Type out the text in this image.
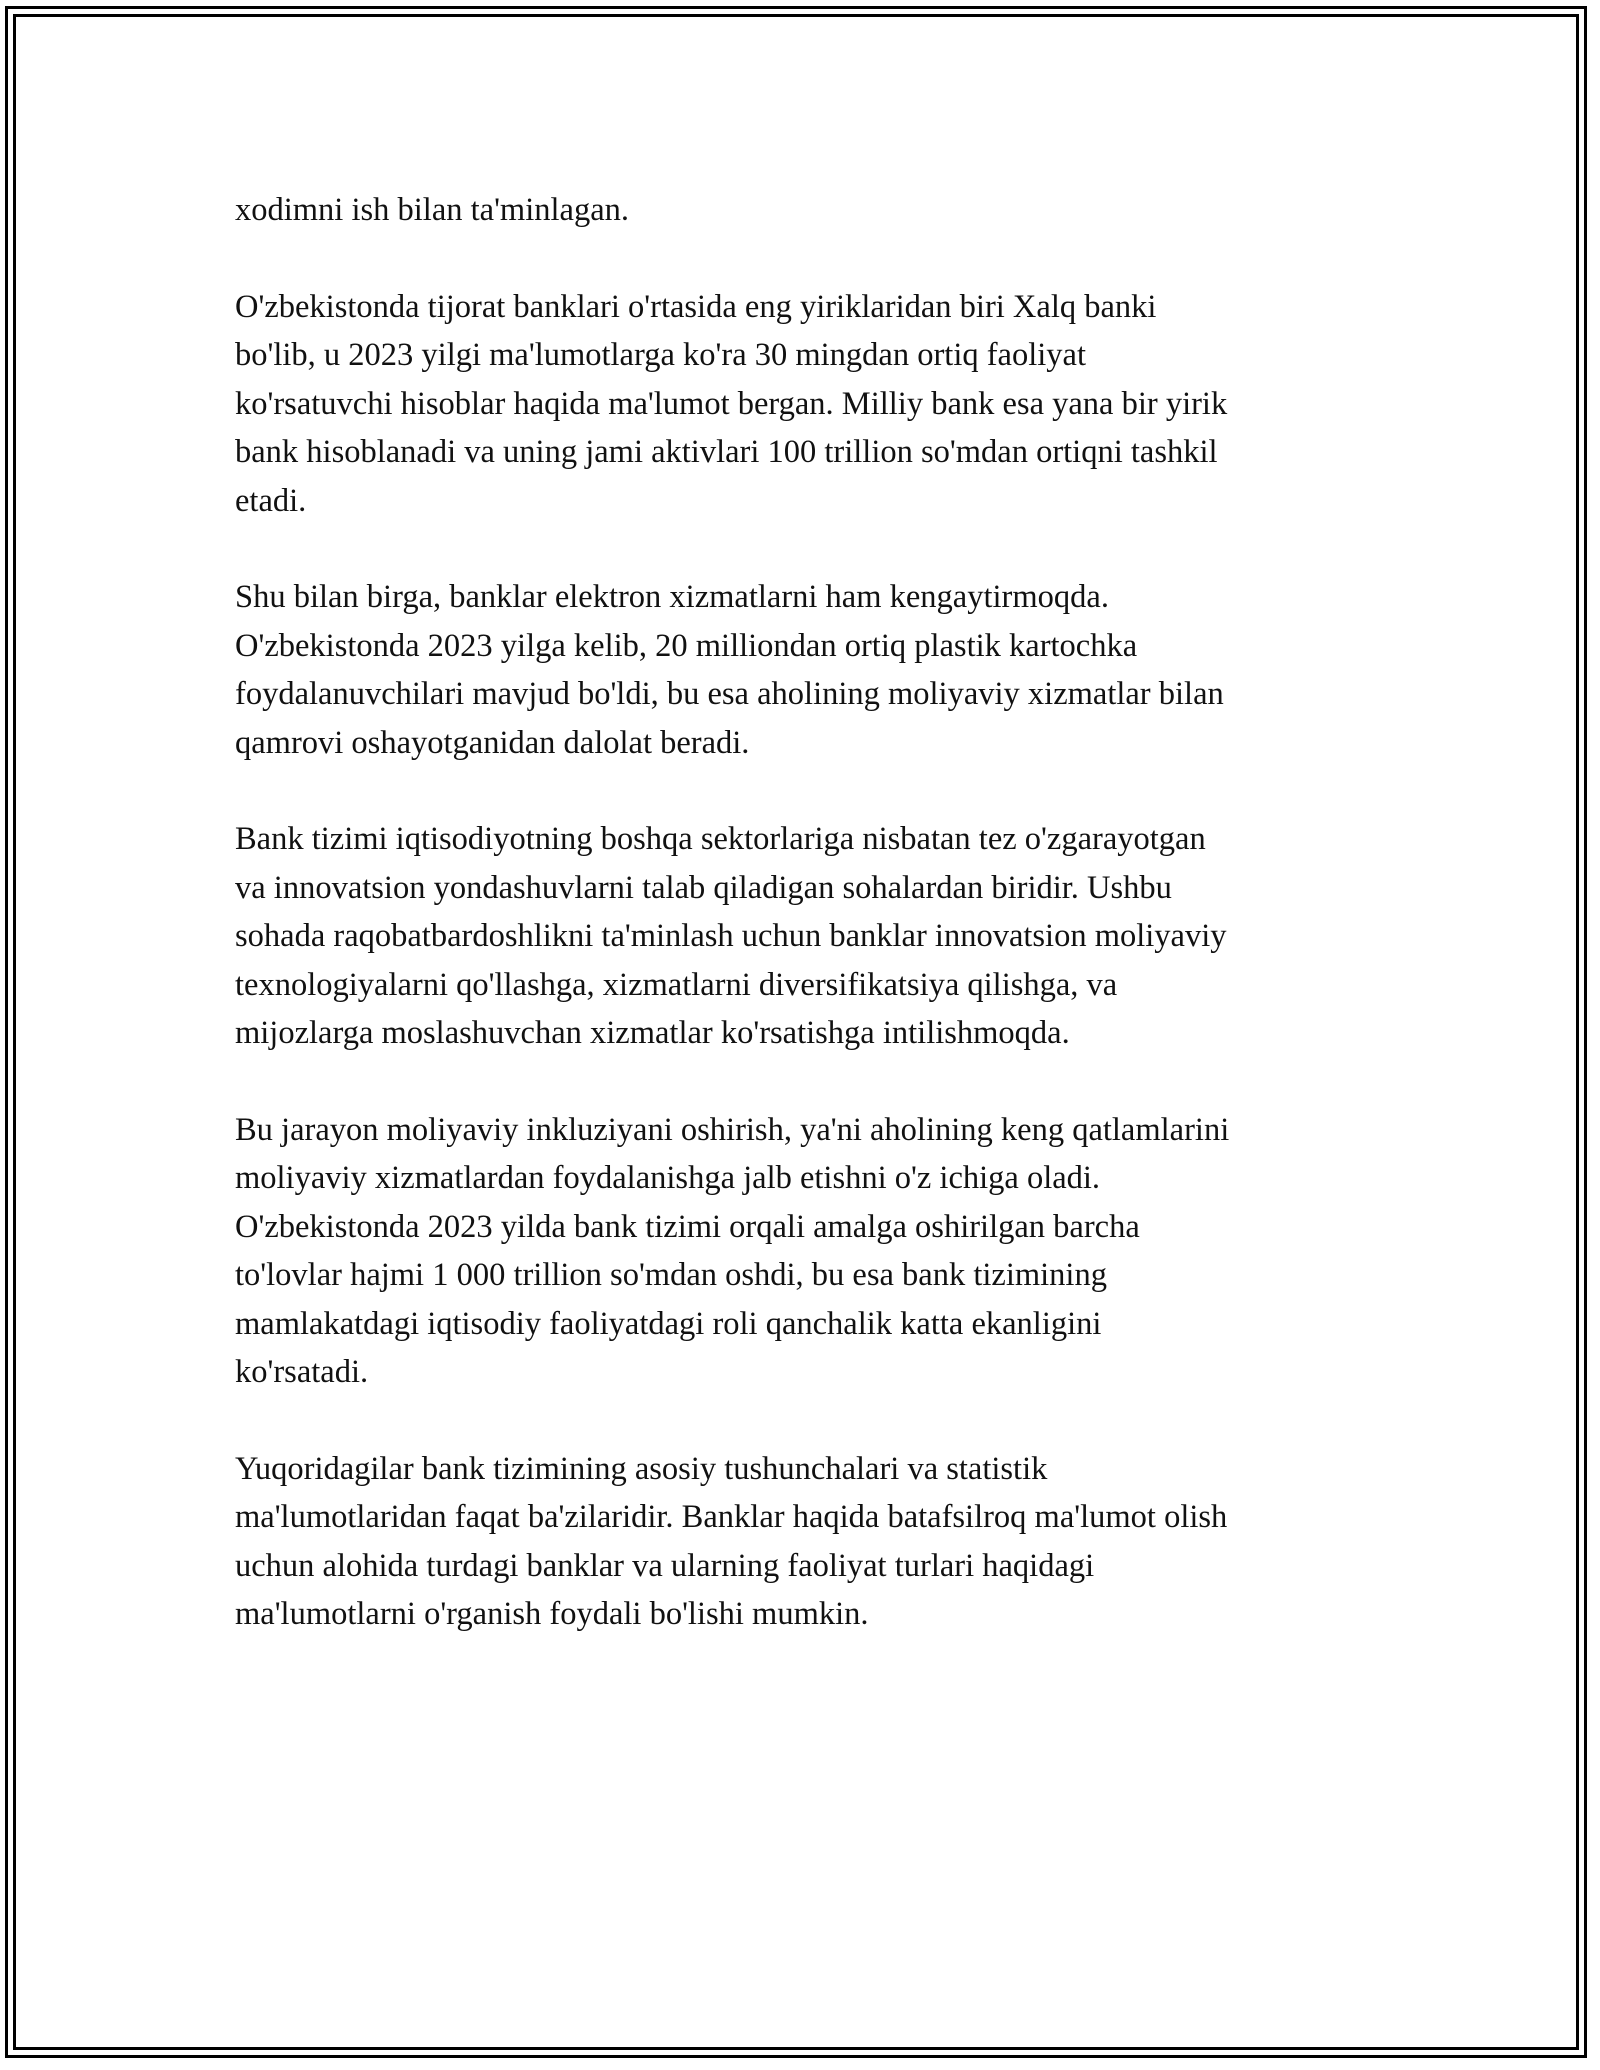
xodimni ish bilan ta'minlagan.

O'zbekistonda tijorat banklari o'rtasida eng yiriklaridan biri Xalq banki
bo'lib, u 2023 yilgi ma'lumotlarga ko'ra 30 mingdan ortiq faoliyat
ko'rsatuvchi hisoblar haqida ma'lumot bergan. Milliy bank esa yana bir yirik
bank hisoblanadi va uning jami aktivlari 100 trillion so'mdan ortiqni tashkil
etadi.

Shu bilan birga, banklar elektron xizmatlarni ham kengaytirmoqda.
O'zbekistonda 2023 yilga kelib, 20 milliondan ortiq plastik kartochka
foydalanuvchilari mavjud bo'ldi, bu esa aholining moliyaviy xizmatlar bilan
qamrovi oshayotganidan dalolat beradi.

Bank tizimi iqtisodiyotning boshqa sektorlariga nisbatan tez o'zgarayotgan
va innovatsion yondashuvlarni talab qiladigan sohalardan biridir. Ushbu
sohada raqobatbardoshlikni ta'minlash uchun banklar innovatsion moliyaviy
texnologiyalarni qo'llashga, xizmatlarni diversifikatsiya qilishga, va
mijozlarga moslashuvchan xizmatlar ko'rsatishga intilishmoqda.

Bu jarayon moliyaviy inkluziyani oshirish, ya'ni aholining keng qatlamlarini
moliyaviy xizmatlardan foydalanishga jalb etishni o'z ichiga oladi.
O'zbekistonda 2023 yilda bank tizimi orqali amalga oshirilgan barcha
to'lovlar hajmi 1 000 trillion so'mdan oshdi, bu esa bank tizimining
mamlakatdagi iqtisodiy faoliyatdagi roli qanchalik katta ekanligini
ko'rsatadi.

Yuqoridagilar bank tizimining asosiy tushunchalari va statistik
ma'lumotlaridan faqat ba'zilaridir. Banklar haqida batafsilroq ma'lumot olish
uchun alohida turdagi banklar va ularning faoliyat turlari haqidagi
ma'lumotlarni o'rganish foydali bo'lishi mumkin.
